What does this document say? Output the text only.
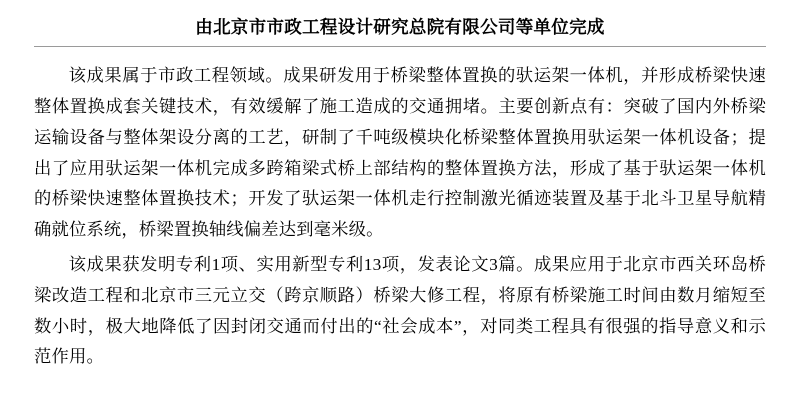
由北京市市政工程设计研究总院有限公司等单位完成

该成果属于市政工程领域。成果研发用于桥梁整体置换的驮运架一体机，并形成桥梁快速整体置换成套关键技术，有效缓解了施工造成的交通拥堵。主要创新点有：突破了国内外桥梁运输设备与整体架设分离的工艺，研制了千吨级模块化桥梁整体置换用驮运架一体机设备；提出了应用驮运架一体机完成多跨箱梁式桥上部结构的整体置换方法，形成了基于驮运架一体机的桥梁快速整体置换技术；开发了驮运架一体机走行控制激光循迹装置及基于北斗卫星导航精确就位系统，桥梁置换轴线偏差达到毫米级。

该成果获发明专利1项、实用新型专利13项，发表论文3篇。成果应用于北京市西关环岛桥梁改造工程和北京市三元立交（跨京顺路）桥梁大修工程，将原有桥梁施工时间由数月缩短至数小时，极大地降低了因封闭交通而付出的“社会成本”，对同类工程具有很强的指导意义和示范作用。
